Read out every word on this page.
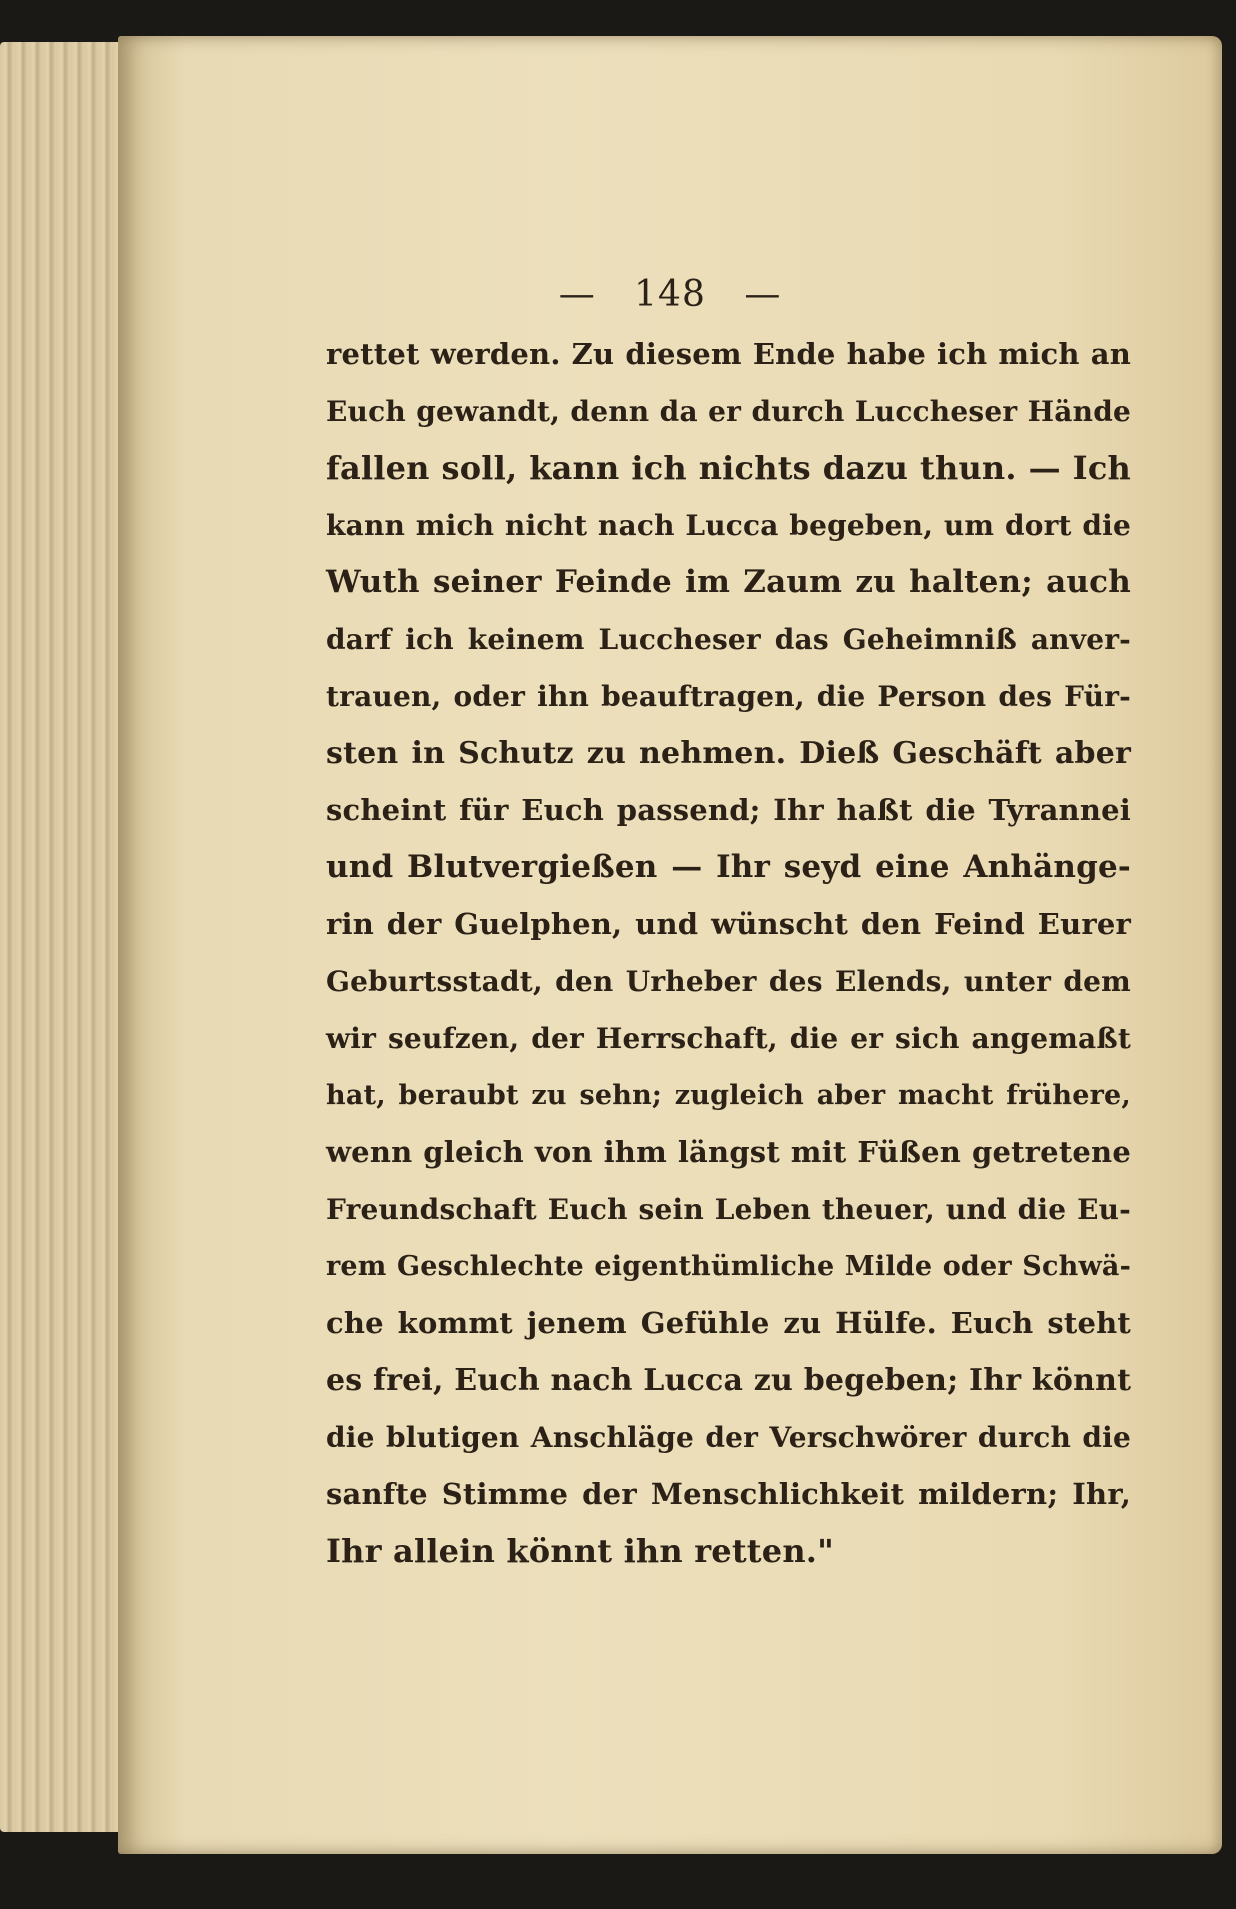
— 148 —
rettet werden. Zu diesem Ende habe ich mich an
Euch gewandt, denn da er durch Luccheser Hände
fallen soll, kann ich nichts dazu thun. — Ich
kann mich nicht nach Lucca begeben, um dort die
Wuth seiner Feinde im Zaum zu halten; auch
darf ich keinem Luccheser das Geheimniß anver-
trauen, oder ihn beauftragen, die Person des Für-
sten in Schutz zu nehmen. Dieß Geschäft aber
scheint für Euch passend; Ihr haßt die Tyrannei
und Blutvergießen — Ihr seyd eine Anhänge-
rin der Guelphen, und wünscht den Feind Eurer
Geburtsstadt, den Urheber des Elends, unter dem
wir seufzen, der Herrschaft, die er sich angemaßt
hat, beraubt zu sehn; zugleich aber macht frühere,
wenn gleich von ihm längst mit Füßen getretene
Freundschaft Euch sein Leben theuer, und die Eu-
rem Geschlechte eigenthümliche Milde oder Schwä-
che kommt jenem Gefühle zu Hülfe. Euch steht
es frei, Euch nach Lucca zu begeben; Ihr könnt
die blutigen Anschläge der Verschwörer durch die
sanfte Stimme der Menschlichkeit mildern; Ihr,
Ihr allein könnt ihn retten."
